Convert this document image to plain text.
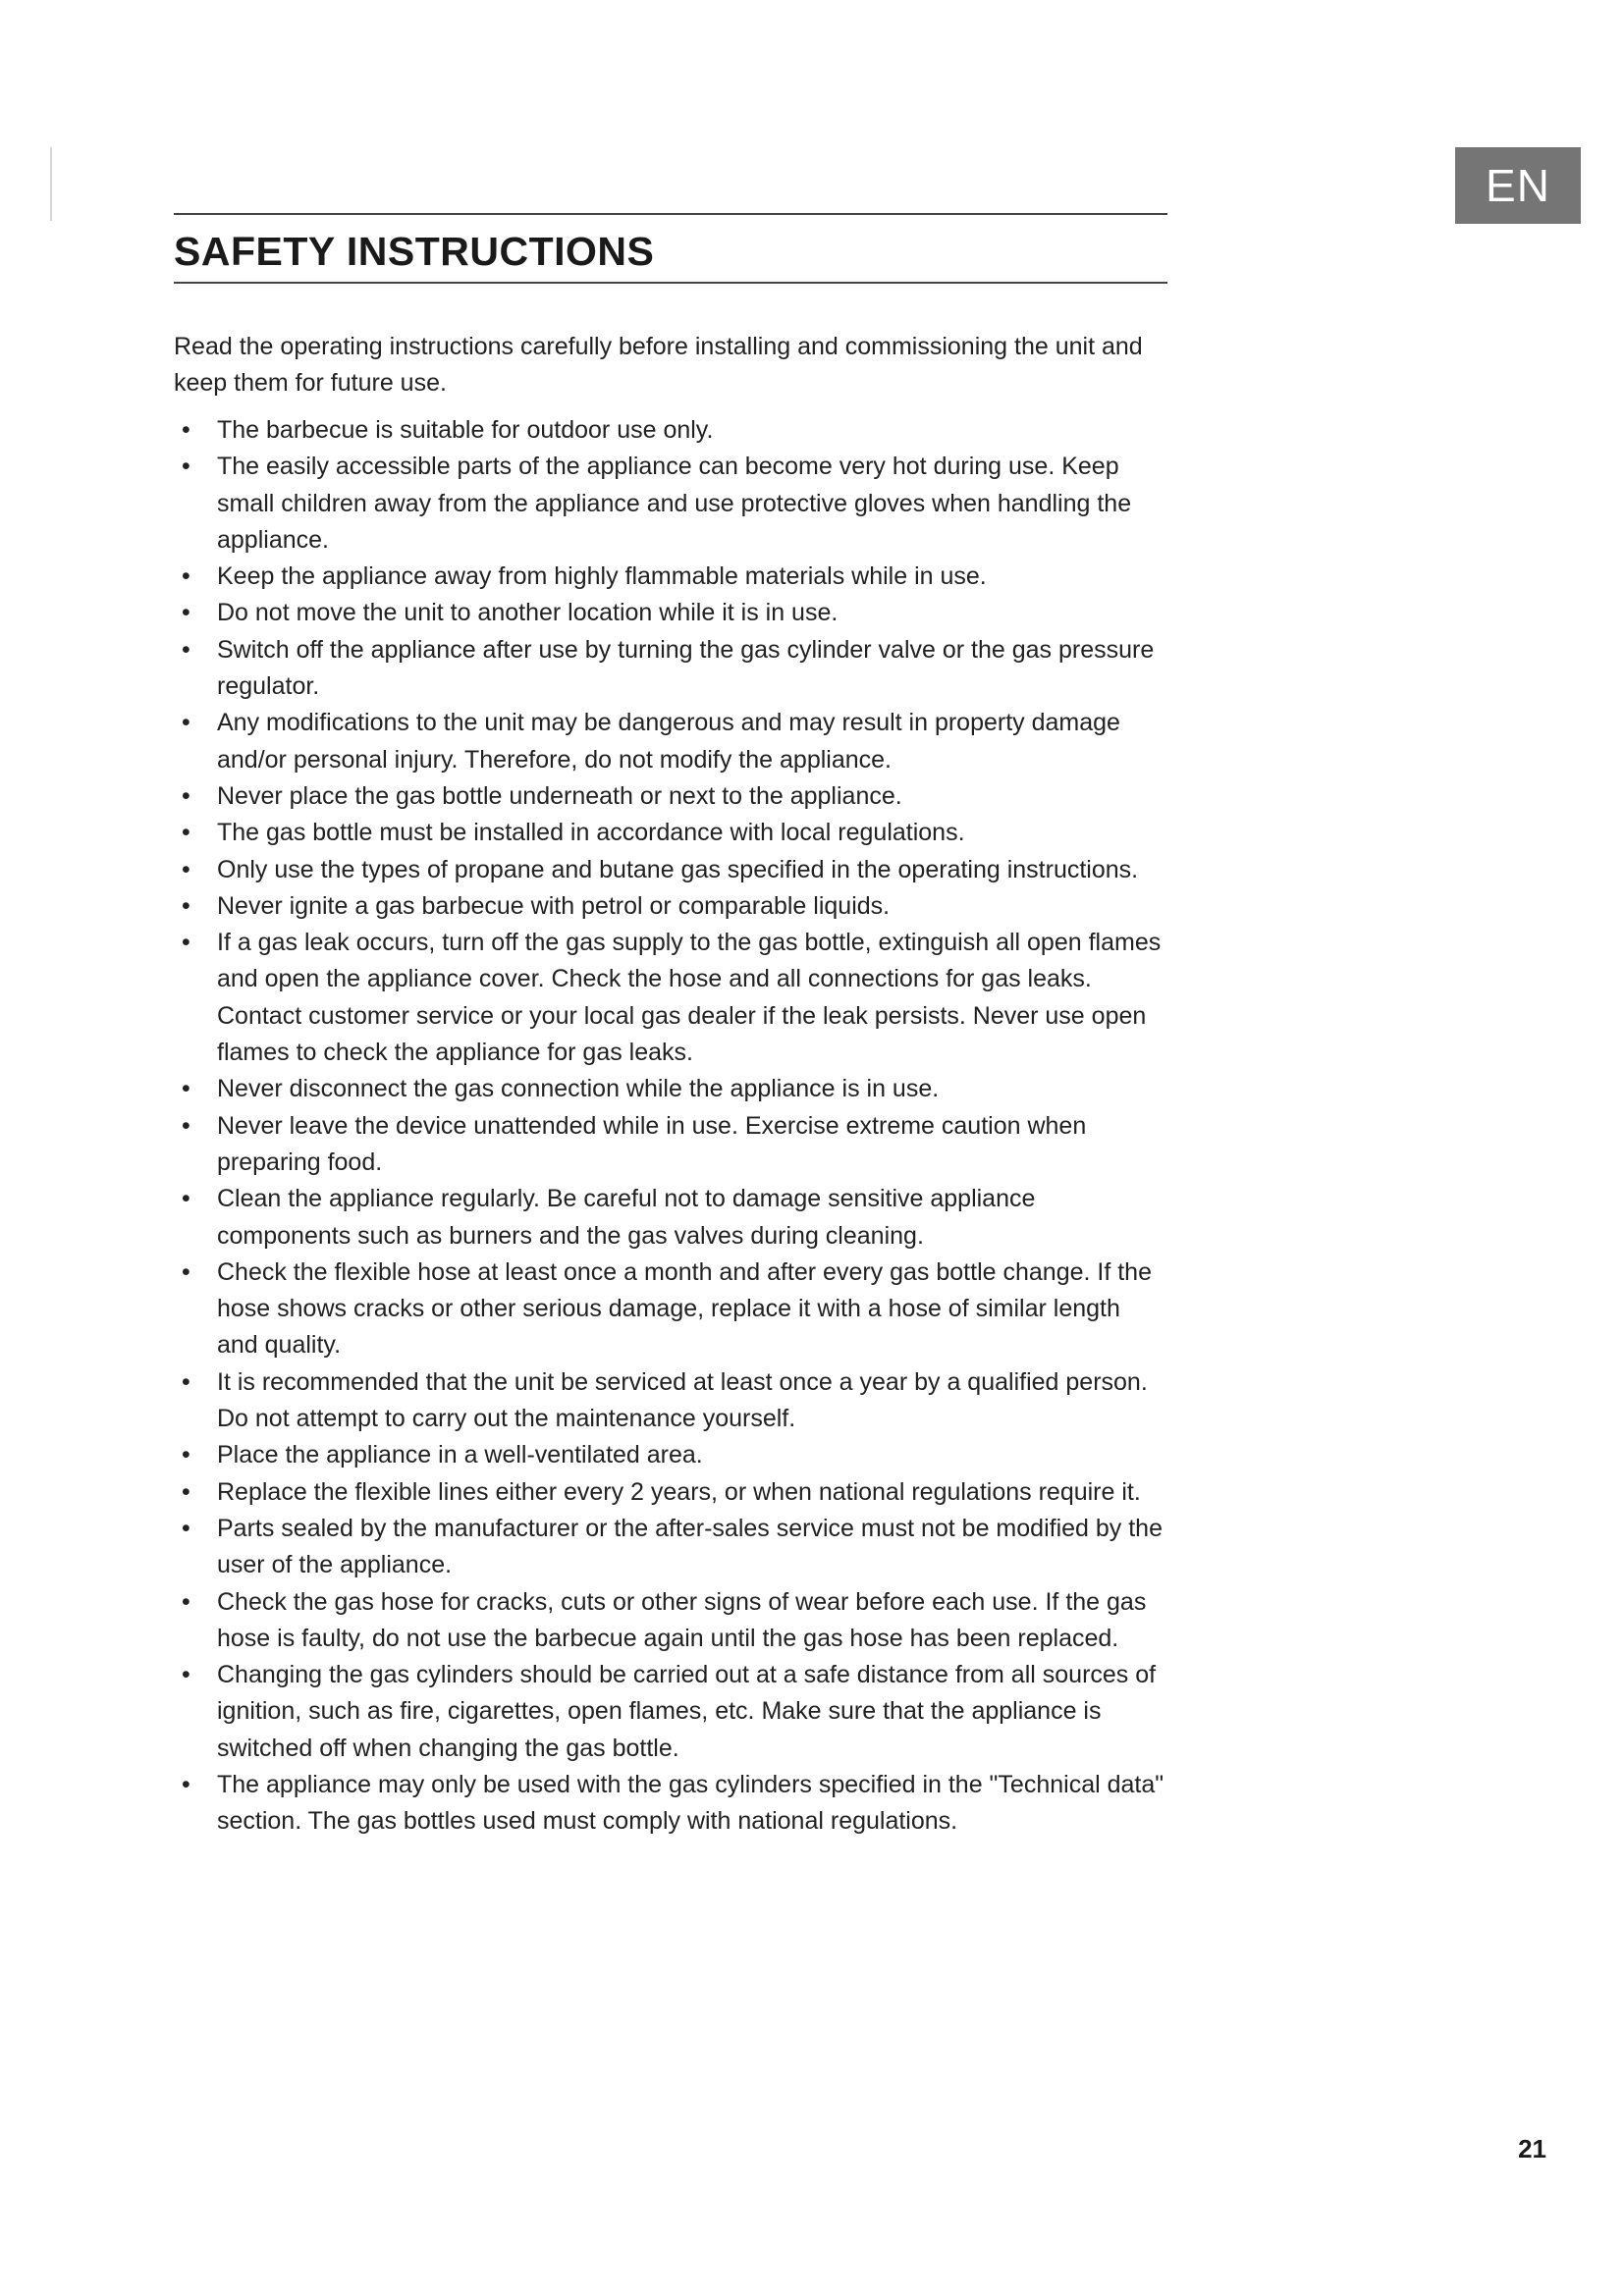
EN
SAFETY INSTRUCTIONS

Read the operating instructions carefully before installing and commissioning the unit and keep them for future use.

• The barbecue is suitable for outdoor use only.
• The easily accessible parts of the appliance can become very hot during use. Keep small children away from the appliance and use protective gloves when handling the appliance.
• Keep the appliance away from highly flammable materials while in use.
• Do not move the unit to another location while it is in use.
• Switch off the appliance after use by turning the gas cylinder valve or the gas pressure regulator.
• Any modifications to the unit may be dangerous and may result in property damage and/or personal injury. Therefore, do not modify the appliance.
• Never place the gas bottle underneath or next to the appliance.
• The gas bottle must be installed in accordance with local regulations.
• Only use the types of propane and butane gas specified in the operating instructions.
• Never ignite a gas barbecue with petrol or comparable liquids.
• If a gas leak occurs, turn off the gas supply to the gas bottle, extinguish all open flames and open the appliance cover. Check the hose and all connections for gas leaks. Contact customer service or your local gas dealer if the leak persists. Never use open flames to check the appliance for gas leaks.
• Never disconnect the gas connection while the appliance is in use.
• Never leave the device unattended while in use. Exercise extreme caution when preparing food.
• Clean the appliance regularly. Be careful not to damage sensitive appliance components such as burners and the gas valves during cleaning.
• Check the flexible hose at least once a month and after every gas bottle change. If the hose shows cracks or other serious damage, replace it with a hose of similar length and quality.
• It is recommended that the unit be serviced at least once a year by a qualified person. Do not attempt to carry out the maintenance yourself.
• Place the appliance in a well-ventilated area.
• Replace the flexible lines either every 2 years, or when national regulations require it.
• Parts sealed by the manufacturer or the after-sales service must not be modified by the user of the appliance.
• Check the gas hose for cracks, cuts or other signs of wear before each use. If the gas hose is faulty, do not use the barbecue again until the gas hose has been replaced.
• Changing the gas cylinders should be carried out at a safe distance from all sources of ignition, such as fire, cigarettes, open flames, etc. Make sure that the appliance is switched off when changing the gas bottle.
• The appliance may only be used with the gas cylinders specified in the "Technical data" section. The gas bottles used must comply with national regulations.
21
